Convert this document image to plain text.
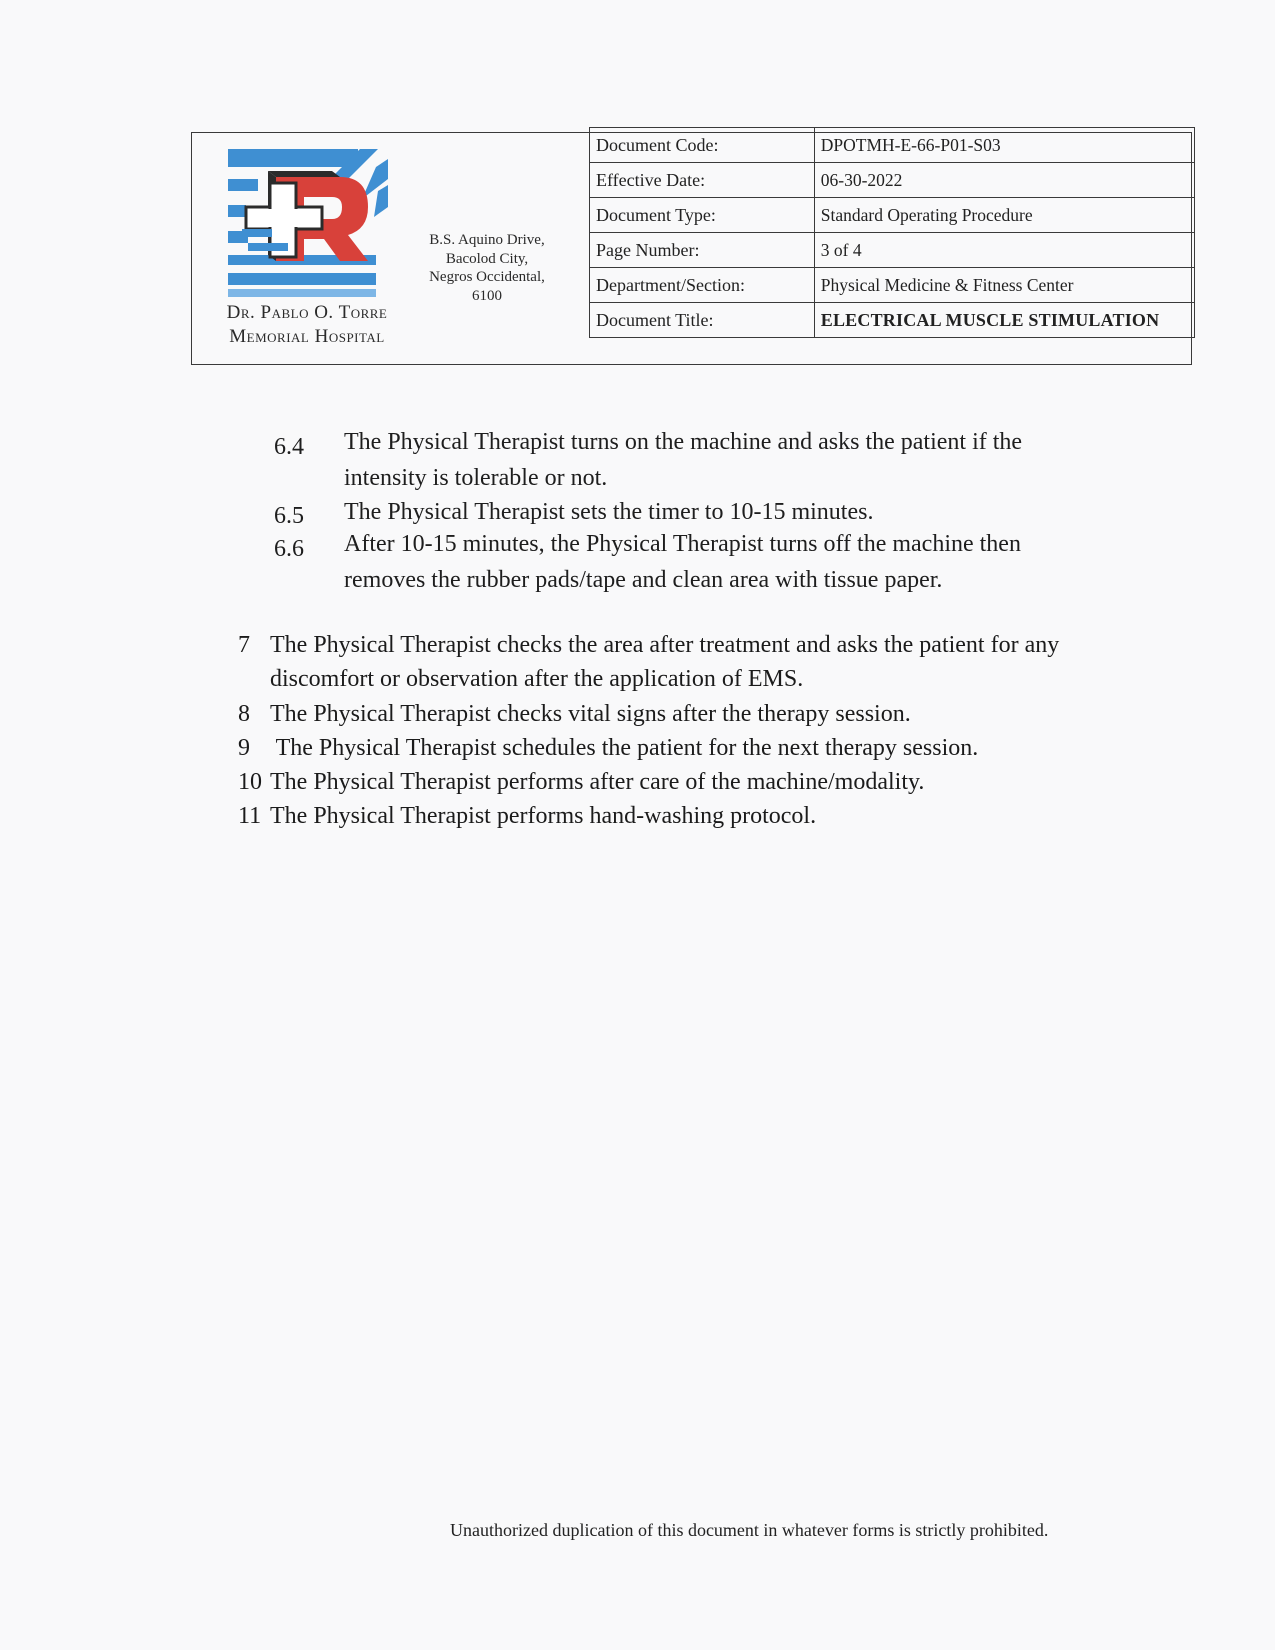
Dr. Pablo O. Torre
Memorial Hospital
B.S. Aquino Drive,
Bacolod City,
Negros Occidental,
6100
Document Code:	DPOTMH-E-66-P01-S03
Effective Date:	06-30-2022
Document Type:	Standard Operating Procedure
Page Number:	3 of 4
Department/Section:	Physical Medicine & Fitness Center
Document Title:	ELECTRICAL MUSCLE STIMULATION
6.4	The Physical Therapist turns on the machine and asks the patient if the
intensity is tolerable or not.
6.5	The Physical Therapist sets the timer to 10-15 minutes.
6.6	After 10-15 minutes, the Physical Therapist turns off the machine then
removes the rubber pads/tape and clean area with tissue paper.
7 The Physical Therapist checks the area after treatment and asks the patient for any
discomfort or observation after the application of EMS.
8 The Physical Therapist checks vital signs after the therapy session.
9 The Physical Therapist schedules the patient for the next therapy session.
10 The Physical Therapist performs after care of the machine/modality.
11 The Physical Therapist performs hand-washing protocol.
Unauthorized duplication of this document in whatever forms is strictly prohibited.
